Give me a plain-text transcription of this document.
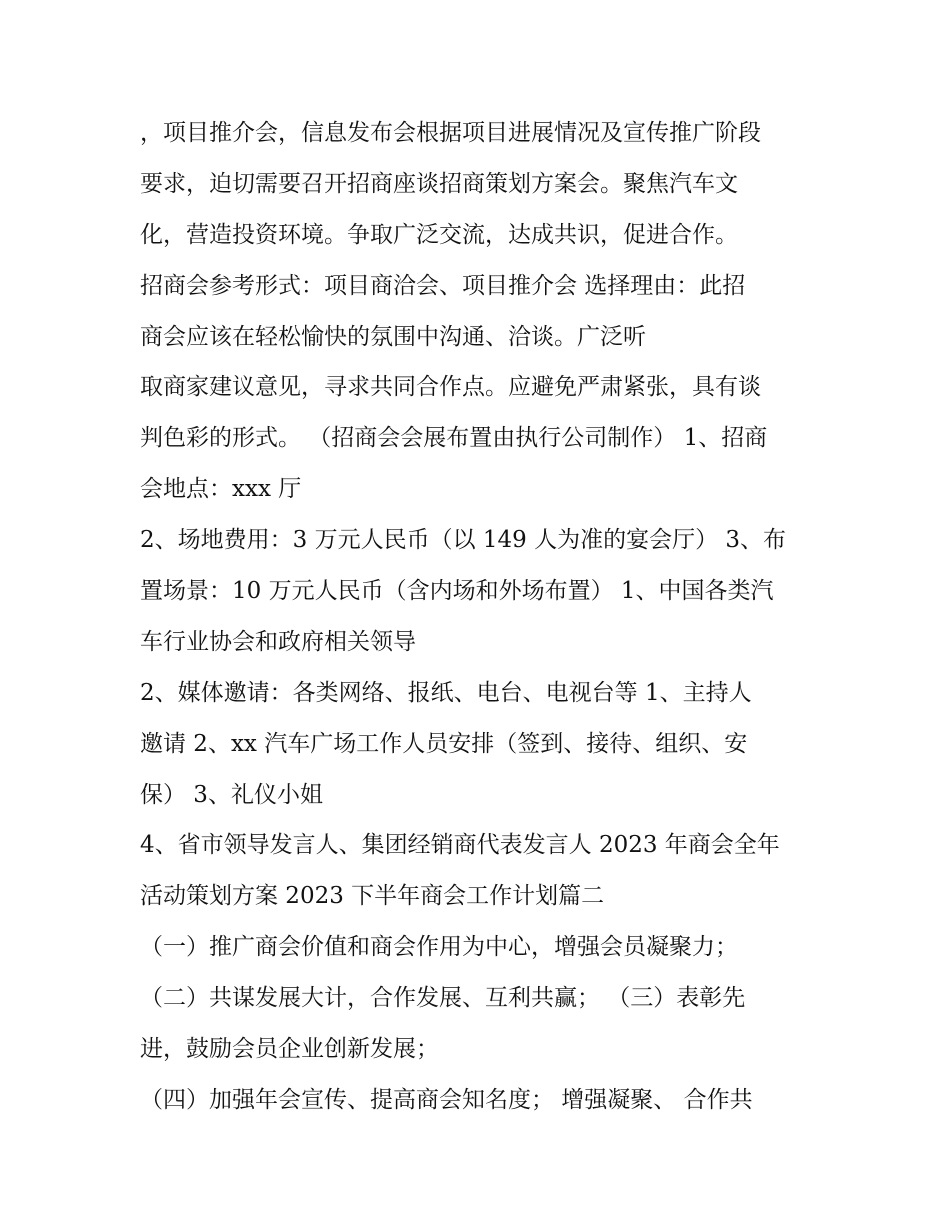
，项目推介会，信息发布会根据项目进展情况及宣传推广阶段
要求，迫切需要召开招商座谈招商策划方案会。聚焦汽车文
化，营造投资环境。争取广泛交流，达成共识，促进合作。
招商会参考形式：项目商洽会、项目推介会 选择理由：此招
商会应该在轻松愉快的氛围中沟通、洽谈。广泛听
取商家建议意见，寻求共同合作点。应避免严肃紧张，具有谈
判色彩的形式。 （招商会会展布置由执行公司制作） 1、招商
会地点：xxx 厅
2、场地费用：3 万元人民币（以 149 人为准的宴会厅） 3、布
置场景：10 万元人民币（含内场和外场布置） 1、中国各类汽
车行业协会和政府相关领导
2、媒体邀请：各类网络、报纸、电台、电视台等 1、主持人
邀请 2、xx 汽车广场工作人员安排（签到、接待、组织、安
保） 3、礼仪小姐
4、省市领导发言人、集团经销商代表发言人 2023 年商会全年
活动策划方案 2023 下半年商会工作计划篇二
（一）推广商会价值和商会作用为中心，增强会员凝聚力；
（二）共谋发展大计，合作发展、互利共赢； （三）表彰先
进，鼓励会员企业创新发展；
（四）加强年会宣传、提高商会知名度； 增强凝聚、 合作共
